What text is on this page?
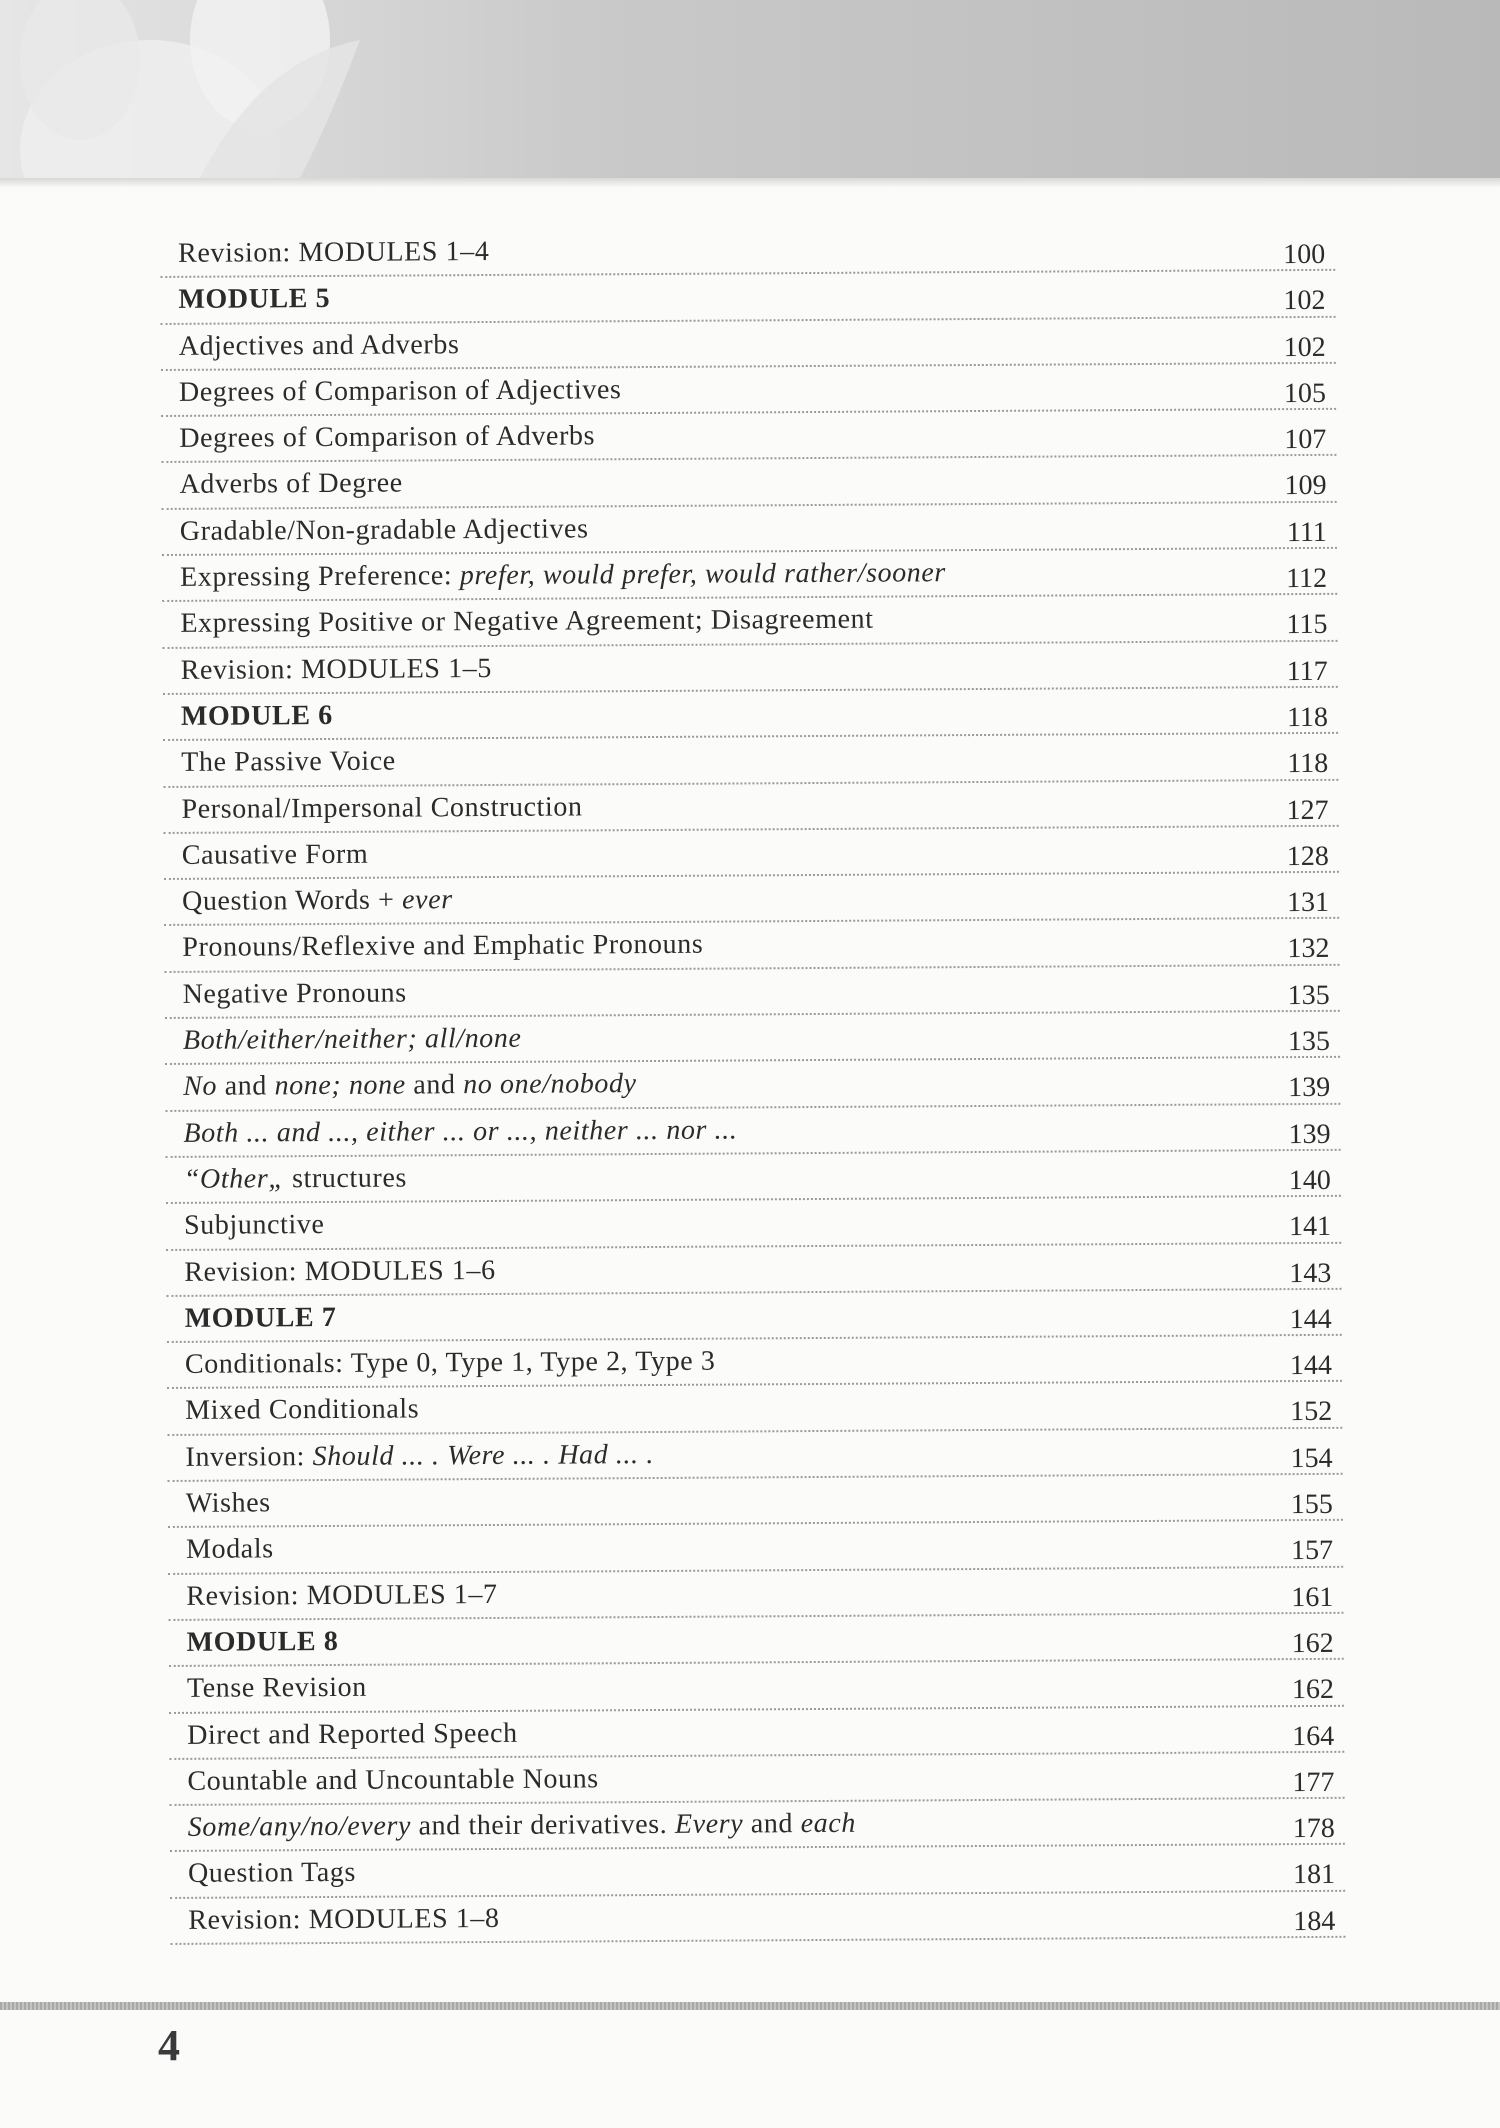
Revision: MODULES 1–4	100
MODULE 5	102
Adjectives and Adverbs	102
Degrees of Comparison of Adjectives	105
Degrees of Comparison of Adverbs	107
Adverbs of Degree	109
Gradable/Non-gradable Adjectives	111
Expressing Preference: prefer, would prefer, would rather/sooner	112
Expressing Positive or Negative Agreement; Disagreement	115
Revision: MODULES 1–5	117
MODULE 6	118
The Passive Voice	118
Personal/Impersonal Construction	127
Causative Form	128
Question Words + ever	131
Pronouns/Reflexive and Emphatic Pronouns	132
Negative Pronouns	135
Both/either/neither; all/none	135
No and none; none and no one/nobody	139
Both ... and ..., either ... or ..., neither ... nor ...	139
“Other„ structures	140
Subjunctive	141
Revision: MODULES 1–6	143
MODULE 7	144
Conditionals: Type 0, Type 1, Type 2, Type 3	144
Mixed Conditionals	152
Inversion: Should ... . Were ... . Had ... .	154
Wishes	155
Modals	157
Revision: MODULES 1–7	161
MODULE 8	162
Tense Revision	162
Direct and Reported Speech	164
Countable and Uncountable Nouns	177
Some/any/no/every and their derivatives. Every and each	178
Question Tags	181
Revision: MODULES 1–8	184
4
